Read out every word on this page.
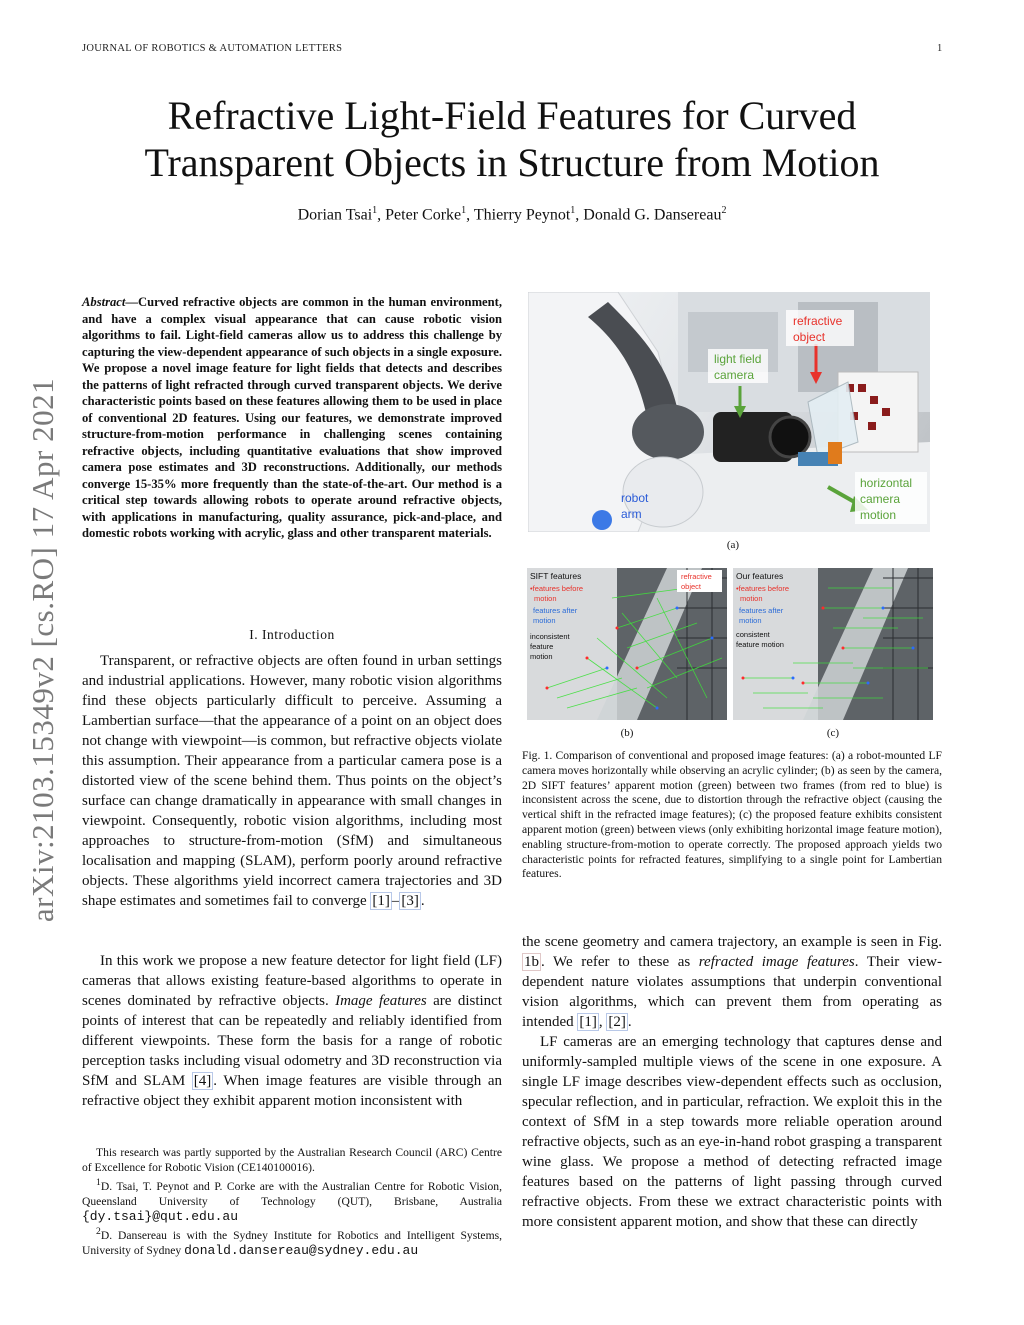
JOURNAL OF ROBOTICS & AUTOMATION LETTERS	1
Refractive Light-Field Features for Curved
Transparent Objects in Structure from Motion
Dorian Tsai$^1$, Peter Corke$^1$, Thierry Peynot$^1$, Donald G. Dansereau$^2$
arXiv:2103.15349v2 [cs.RO] 17 Apr 2021
Abstract—Curved refractive objects are common in the human environment, and have a complex visual appearance that can cause robotic vision algorithms to fail. Light-field cameras allow us to address this challenge by capturing the view-dependent appearance of such objects in a single exposure. We propose a novel image feature for light fields that detects and describes the patterns of light refracted through curved transparent objects. We derive characteristic points based on these features allowing them to be used in place of conventional 2D features. Using our features, we demonstrate improved structure-from-motion performance in challenging scenes containing refractive objects, including quantitative evaluations that show improved camera pose estimates and 3D reconstructions. Additionally, our methods converge 15-35% more frequently than the state-of-the-art. Our method is a critical step towards allowing robots to operate around refractive objects, with applications in manufacturing, quality assurance, pick-and-place, and domestic robots working with acrylic, glass and other transparent materials.
I. Introduction
Transparent, or refractive objects are often found in urban settings and industrial applications. However, many robotic vision algorithms find these objects particularly difficult to perceive. Assuming a Lambertian surface—that the appearance of a point on an object does not change with viewpoint—is common, but refractive objects violate this assumption. Their appearance from a particular camera pose is a distorted view of the scene behind them. Thus points on the object’s surface can change dramatically in appearance with small changes in viewpoint. Consequently, robotic vision algorithms, including most approaches to structure-from-motion (SfM) and simultaneous localisation and mapping (SLAM), perform poorly around refractive objects. These algorithms yield incorrect camera trajectories and 3D shape estimates and sometimes fail to converge [1] – [3] .
In this work we propose a new feature detector for light field (LF) cameras that allows existing feature-based algorithms to operate in scenes dominated by refractive objects. Image features are distinct points of interest that can be repeatedly and reliably identified from different viewpoints. These form the basis for a range of robotic perception tasks including visual odometry and 3D reconstruction via SfM and SLAM [4] . When image features are visible through an refractive object they exhibit apparent motion inconsistent with

This research was partly supported by the Australian Research Council (ARC) Centre of Excellence for Robotic Vision (CE140100016).

$^1$D. Tsai, T. Peynot and P. Corke are with the Australian Centre for Robotic Vision, Queensland University of Technology (QUT), Brisbane, Australia {dy.tsai}@qut.edu.au

$^2$D. Dansereau is with the Sydney Institute for Robotics and Intelligent Systems, University of Sydney donald.dansereau@sydney.edu.au

refractive
object
light field
camera
robot
arm
horizontal
camera
motion
(a)
SIFT features
•features before
motion
features after
motion
inconsistent
feature
motion
refractive
object
(b)
Our features
•features before
motion
features after
motion
consistent
feature motion
(c)
Fig. 1. Comparison of conventional and proposed image features: (a) a robot-mounted LF camera moves horizontally while observing an acrylic cylinder; (b) as seen by the camera, 2D SIFT features’ apparent motion (green) between two frames (from red to blue) is inconsistent across the scene, due to distortion through the refractive object (causing the vertical shift in the refracted image features); (c) the proposed feature exhibits consistent apparent motion (green) between views (only exhibiting horizontal image feature motion), enabling structure-from-motion to operate correctly. The proposed approach yields two characteristic points for refracted features, simplifying to a single point for Lambertian features.
the scene geometry and camera trajectory, an example is seen in Fig. 1b . We refer to these as refracted image features. Their view-dependent nature violates assumptions that underpin conventional vision algorithms, which can prevent them from operating as intended [1] , [2] .
LF cameras are an emerging technology that captures dense and uniformly-sampled multiple views of the scene in one exposure. A single LF image describes view-dependent effects such as occlusion, specular reflection, and in particular, refraction. We exploit this in the context of SfM in a step towards more reliable operation around refractive objects, such as an eye-in-hand robot grasping a transparent wine glass. We propose a method of detecting refracted image features based on the patterns of light passing through curved refractive objects. From these we extract characteristic points with more consistent apparent motion, and show that these can directly
